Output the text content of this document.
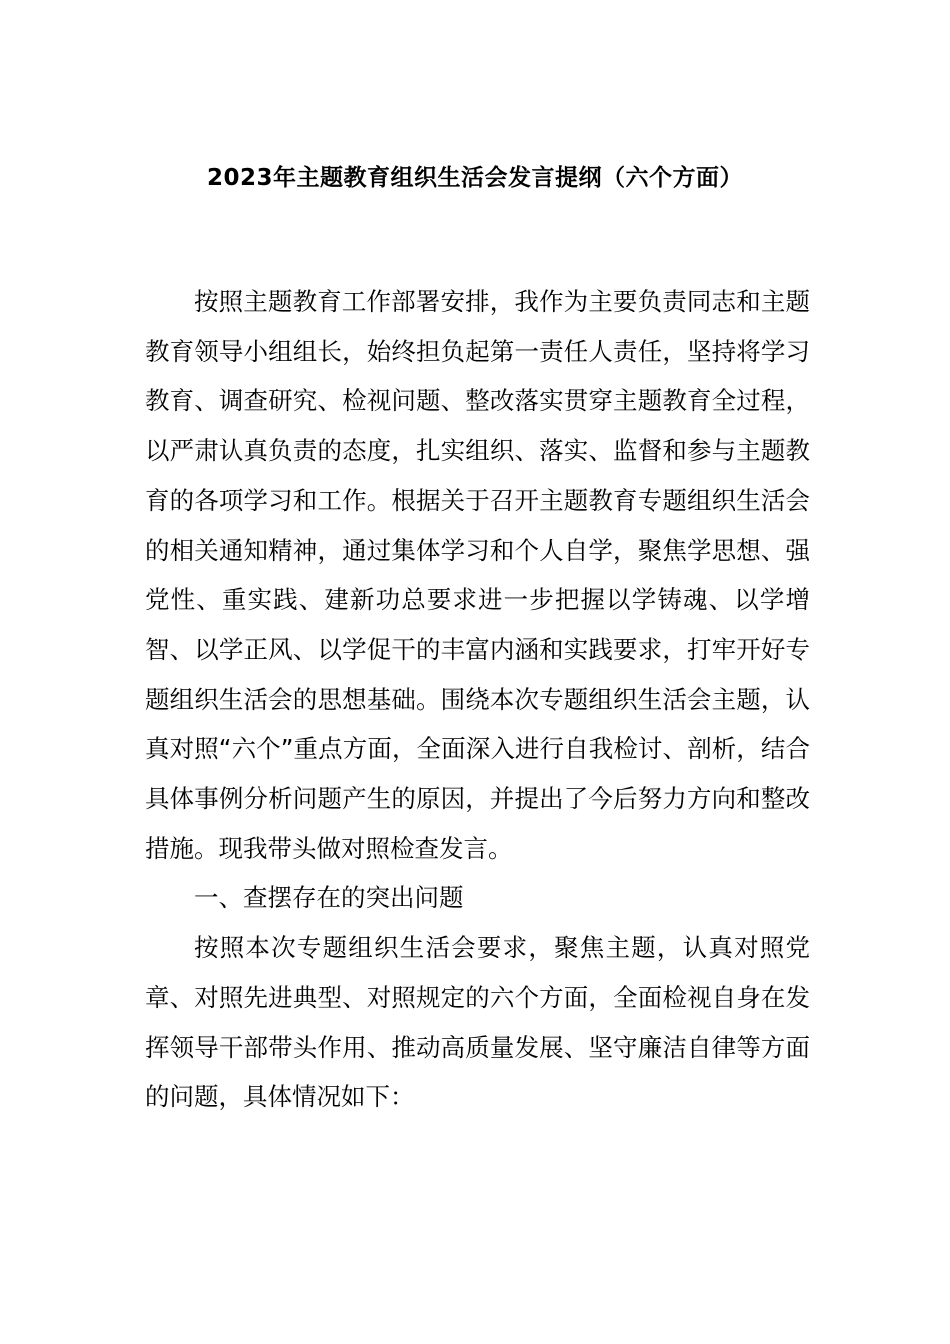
2023年主题教育组织生活会发言提纲（六个方面）

按照主题教育工作部署安排，我作为主要负责同志和主题教育领导小组组长，始终担负起第一责任人责任，坚持将学习教育、调查研究、检视问题、整改落实贯穿主题教育全过程，以严肃认真负责的态度，扎实组织、落实、监督和参与主题教育的各项学习和工作。根据关于召开主题教育专题组织生活会的相关通知精神，通过集体学习和个人自学，聚焦学思想、强党性、重实践、建新功总要求进一步把握以学铸魂、以学增智、以学正风、以学促干的丰富内涵和实践要求，打牢开好专题组织生活会的思想基础。围绕本次专题组织生活会主题，认真对照“六个”重点方面，全面深入进行自我检讨、剖析，结合具体事例分析问题产生的原因，并提出了今后努力方向和整改措施。现我带头做对照检查发言。

一、查摆存在的突出问题

按照本次专题组织生活会要求，聚焦主题，认真对照党章、对照先进典型、对照规定的六个方面，全面检视自身在发挥领导干部带头作用、推动高质量发展、坚守廉洁自律等方面的问题，具体情况如下：
